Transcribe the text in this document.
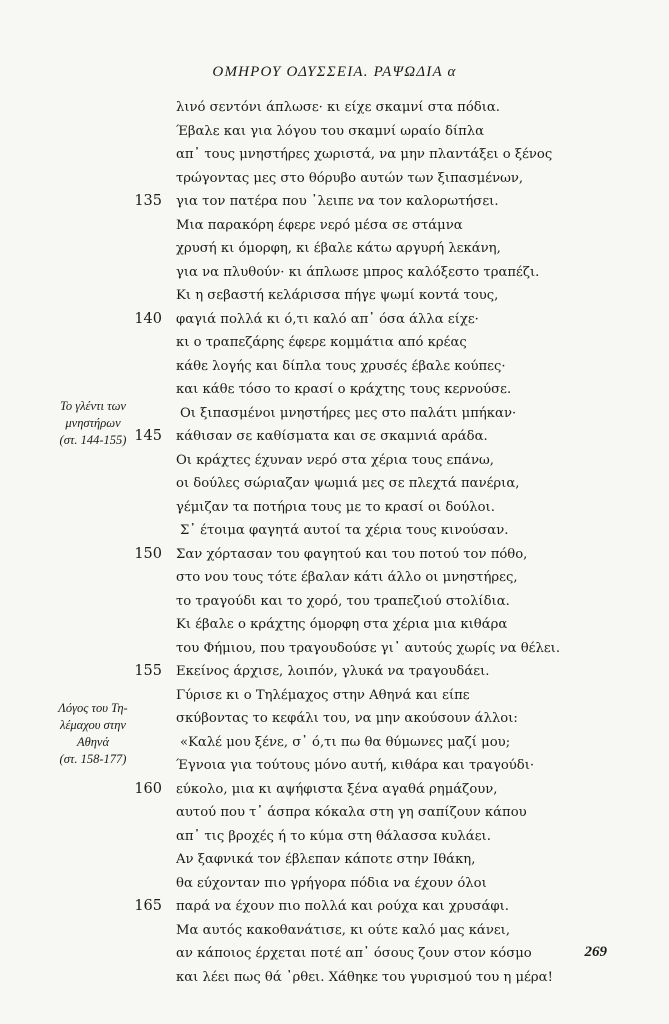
ΟΜΗΡΟΥ ΟΔΥΣΣΕΙΑ. ΡΑΨΩΔΙΑ α
λινό σεντόνι άπλωσε· κι είχε σκαμνί στα πόδια.
Έβαλε και για λόγου του σκαμνί ωραίο δίπλα
απ᾽ τους μνηστήρες χωριστά, να μην πλαντάξει ο ξένος
τρώγοντας μες στο θόρυβο αυτών των ξιπασμένων,
135 για τον πατέρα που ᾽λειπε να τον καλορωτήσει.
Μια παρακόρη έφερε νερό μέσα σε στάμνα
χρυσή κι όμορφη, κι έβαλε κάτω αργυρή λεκάνη,
για να πλυθούν· κι άπλωσε μπρος καλόξεστο τραπέζι.
Κι η σεβαστή κελάρισσα πήγε ψωμί κοντά τους,
140 φαγιά πολλά κι ό,τι καλό απ᾽ όσα άλλα είχε·
κι ο τραπεζάρης έφερε κομμάτια από κρέας
κάθε λογής και δίπλα τους χρυσές έβαλε κούπες·
και κάθε τόσο το κρασί ο κράχτης τους κερνούσε.
Οι ξιπασμένοι μνηστήρες μες στο παλάτι μπήκαν·
145 κάθισαν σε καθίσματα και σε σκαμνιά αράδα.
Οι κράχτες έχυναν νερό στα χέρια τους επάνω,
οι δούλες σώριαζαν ψωμιά μες σε πλεχτά πανέρια,
γέμιζαν τα ποτήρια τους με το κρασί οι δούλοι.
Σ᾽ έτοιμα φαγητά αυτοί τα χέρια τους κινούσαν.
150 Σαν χόρτασαν του φαγητού και του ποτού τον πόθο,
στο νου τους τότε έβαλαν κάτι άλλο οι μνηστήρες,
το τραγούδι και το χορό, του τραπεζιού στολίδια.
Κι έβαλε ο κράχτης όμορφη στα χέρια μια κιθάρα
του Φήμιου, που τραγουδούσε γι᾽ αυτούς χωρίς να θέλει.
155 Εκείνος άρχισε, λοιπόν, γλυκά να τραγουδάει.
Γύρισε κι ο Τηλέμαχος στην Αθηνά και είπε
σκύβοντας το κεφάλι του, να μην ακούσουν άλλοι:
«Καλέ μου ξένε, σ᾽ ό,τι πω θα θύμωνες μαζί μου;
Έγνοια για τούτους μόνο αυτή, κιθάρα και τραγούδι·
160 εύκολο, μια κι αψήφιστα ξένα αγαθά ρημάζουν,
αυτού που τ᾽ άσπρα κόκαλα στη γη σαπίζουν κάπου
απ᾽ τις βροχές ή το κύμα στη θάλασσα κυλάει.
Αν ξαφνικά τον έβλεπαν κάποτε στην Ιθάκη,
θα εύχονταν πιο γρήγορα πόδια να έχουν όλοι
165 παρά να έχουν πιο πολλά και ρούχα και χρυσάφι.
Μα αυτός κακοθανάτισε, κι ούτε καλό μας κάνει,
αν κάποιος έρχεται ποτέ απ᾽ όσους ζουν στον κόσμο
και λέει πως θά ᾽ρθει. Χάθηκε του γυρισμού του η μέρα!
Το γλέντι των
μνηστήρων
(στ. 144-155)
Λόγος του Τη-
λέμαχου στην
Αθηνά
(στ. 158-177)
269
